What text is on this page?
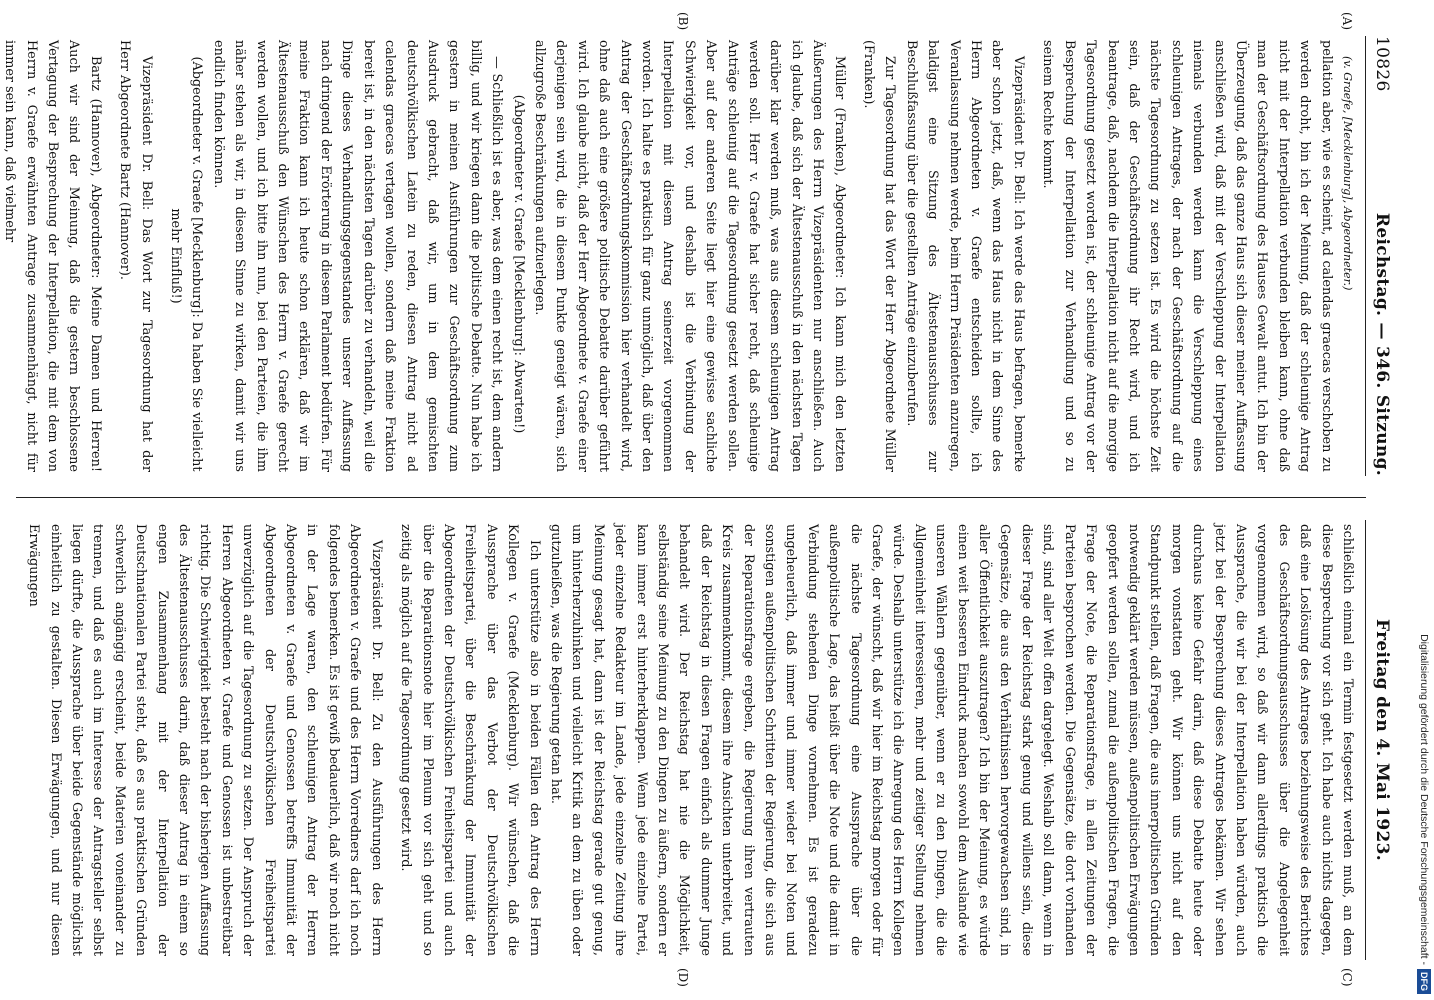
10826
Reichstag. — 346. Sitzung.
Freitag den 4. Mai 1923.
(A)
(B)
(C)
(D)

(v. Graefe, [Mecklenburg], Abgeordneter.)

pellation aber, wie es scheint, ad calendas graecas verschoben zu werden droht, bin ich der Meinung, daß der schleunige Antrag nicht mit der Interpellation verbunden bleiben kann, ohne daß man der Geschäftsordnung des Hauses Gewalt antut. Ich bin der Überzeugung, daß das ganze Haus sich dieser meiner Auffassung anschließen wird, daß mit der Verschleppung der Interpellation niemals verbunden werden kann die Verschleppung eines schleunigen Antrages, der nach der Geschäftsordnung auf die nächste Tagesordnung zu setzen ist. Es wird die höchste Zeit sein, daß der Geschäftsordnung ihr Recht wird, und ich beantrage, daß, nachdem die Interpellation nicht auf die morgige Tagesordnung gesetzt worden ist, der schleunige Antrag vor der Besprechung der Interpellation zur Verhandlung und so zu seinem Rechte kommt.

Vizepräsident Dr. Bell: Ich werde das Haus befragen, bemerke aber schon jetzt, daß, wenn das Haus nicht in dem Sinne des Herrn Abgeordneten v. Graefe entscheiden sollte, ich Veranlassung nehmen werde, beim Herrn Präsidenten anzuregen, baldigst eine Sitzung des Ältestenausschusses zur Beschlußfassung über die gestellten Anträge einzuberufen.

Zur Tagesordnung hat das Wort der Herr Abgeordnete Müller (Franken).

Müller (Franken), Abgeordneter: Ich kann mich den letzten Äußerungen des Herrn Vizepräsidenten nur anschließen. Auch ich glaube, daß sich der Ältestenausschuß in den nächsten Tagen darüber klar werden muß, was aus diesem schleunigen Antrag werden soll. Herr v. Graefe hat sicher recht, daß schleunige Anträge schleunig auf die Tagesordnung gesetzt werden sollen. Aber auf der anderen Seite liegt hier eine gewisse sachliche Schwierigkeit vor, und deshalb ist die Verbindung der Interpellation mit diesem Antrag seinerzeit vorgenommen worden. Ich halte es praktisch für ganz unmöglich, daß über den Antrag der Geschäftsordnungskommission hier verhandelt wird, ohne daß auch eine größere politische Debatte darüber geführt wird. Ich glaube nicht, daß der Herr Abgeordnete v. Graefe einer derjenigen sein wird, die in diesem Punkte geneigt wären, sich allzugroße Beschränkungen aufzuerlegen.

(Abgeordneter v. Graefe [Mecklenburg]: Abwarten!)

— Schließlich ist es aber, was dem einen recht ist, dem andern billig, und wir kriegen dann die politische Debatte. Nun habe ich gestern in meinen Ausführungen zur Geschäftsordnung zum Ausdruck gebracht, daß wir, um in dem gemischten deutschvölkischen Latein zu reden, diesen Antrag nicht ad calendas graecas vertagen wollen, sondern daß meine Fraktion bereit ist, in den nächsten Tagen darüber zu verhandeln, weil die Dinge dieses Verhandlungsgegenstandes unserer Auffassung nach dringend der Erörterung in diesem Parlament bedürfen. Für meine Fraktion kann ich heute schon erklären, daß wir im Ältestenausschuß den Wünschen des Herrn v. Graefe gerecht werden wollen, und ich bitte ihn nun, bei den Parteien, die ihm näher stehen als wir, in diesem Sinne zu wirken, damit wir uns endlich finden können.

(Abgeordneter v. Graefe [Mecklenburg]: Da haben Sie vielleicht mehr Einfluß!)

Vizepräsident Dr. Bell: Das Wort zur Tagesordnung hat der Herr Abgeordnete Bartz (Hannover).

Bartz (Hannover), Abgeordneter: Meine Damen und Herren! Auch wir sind der Meinung, daß die gestern beschlossene Vertagung der Besprechung der Interpellation, die mit dem von Herrn v. Graefe erwähnten Antrage zusammenhängt, nicht für immer sein kann, daß vielmehr

schließlich einmal ein Termin festgesetzt werden muß, an dem diese Besprechung vor sich geht. Ich habe auch nichts dagegen, daß eine Loslösung des Antrages beziehungsweise des Berichtes des Geschäftsordnungsausschusses über die Angelegenheit vorgenommen wird, so daß wir dann allerdings praktisch die Aussprache, die wir bei der Interpellation haben würden, auch jetzt bei der Besprechung dieses Antrages bekämen. Wir sehen durchaus keine Gefahr darin, daß diese Debatte heute oder morgen vonstatten geht. Wir können uns nicht auf den Standpunkt stellen, daß Fragen, die aus innerpolitischen Gründen notwendig geklärt werden müssen, außenpolitischen Erwägungen geopfert werden sollen, zumal die außenpolitischen Fragen, die Frage der Note, die Reparationsfrage, in allen Zeitungen der Parteien besprochen werden. Die Gegensätze, die dort vorhanden sind, sind aller Welt offen dargelegt. Weshalb soll dann, wenn in dieser Frage der Reichstag stark genug und willens sein, diese Gegensätze, die aus den Verhältnissen hervorgewachsen sind, in aller Öffentlichkeit auszutragen? Ich bin der Meinung, es würde einen weit besseren Eindruck machen sowohl dem Auslande wie unseren Wählern gegenüber, wenn er zu den Dingen, die die Allgemeinheit interessieren, mehr und zeitiger Stellung nehmen würde. Deshalb unterstütze ich die Anregung des Herrn Kollegen Graefe, der wünscht, daß wir hier im Reichstag morgen oder für die nächste Tagesordnung eine Aussprache über die außenpolitische Lage, das heißt über die Note und die damit in Verbindung stehenden Dinge vornehmen. Es ist geradezu ungeheuerlich, daß immer und immer wieder bei Noten und sonstigen außenpolitischen Schritten der Regierung, die sich aus der Reparationsfrage ergeben, die Regierung ihren vertrauten Kreis zusammenkommt, diesem ihre Ansichten unterbreitet, und daß der Reichstag in diesen Fragen einfach als dummer Junge behandelt wird. Der Reichstag hat nie die Möglichkeit, selbständig seine Meinung zu den Dingen zu äußern, sondern er kann immer erst hinterherklappen. Wenn jede einzelne Partei, jeder einzelne Redakteur im Lande, jede einzelne Zeitung ihre Meinung gesagt hat, dann ist der Reichstag gerade gut genug, um hinterherzuhinken und vielleicht Kritik an dem zu üben oder gutzuheißen, was die Regierung getan hat.

Ich unterstütze also in beiden Fällen den Antrag des Herrn Kollegen v. Graefe (Mecklenburg). Wir wünschen, daß die Aussprache über das Verbot der Deutschvölkischen Freiheitspartei, über die Beschränkung der Immunität der Abgeordneten der Deutschvölkischen Freiheitspartei und auch über die Reparationsnote hier im Plenum vor sich geht und so zeitig als möglich auf die Tagesordnung gesetzt wird.

Vizepräsident Dr. Bell: Zu den Ausführungen des Herrn Abgeordneten v. Graefe und des Herrn Vorredners darf ich noch folgendes bemerken. Es ist gewiß bedauerlich, daß wir noch nicht in der Lage waren, den schleunigen Antrag der Herren Abgeordneten v. Graefe und Genossen betreffs Immunität der Abgeordneten der Deutschvölkischen Freiheitspartei unverzüglich auf die Tagesordnung zu setzen. Der Anspruch der Herren Abgeordneten v. Graefe und Genossen ist unbestreitbar richtig. Die Schwierigkeit besteht nach der bisherigen Auffassung des Ältestenausschusses darin, daß dieser Antrag in einem so engen Zusammenhang mit der Interpellation der Deutschnationalen Partei steht, daß es aus praktischen Gründen schwerlich angängig erscheint, beide Materien voneinander zu trennen, und daß es auch im Interesse der Antragsteller selbst liegen dürfte, die Aussprache über beide Gegenstände möglichst einheitlich zu gestalten. Diesen Erwägungen, und nur diesen Erwägungen

Digitalisierung gefördert durch die Deutsche Forschungsgemeinschaft -DFG
